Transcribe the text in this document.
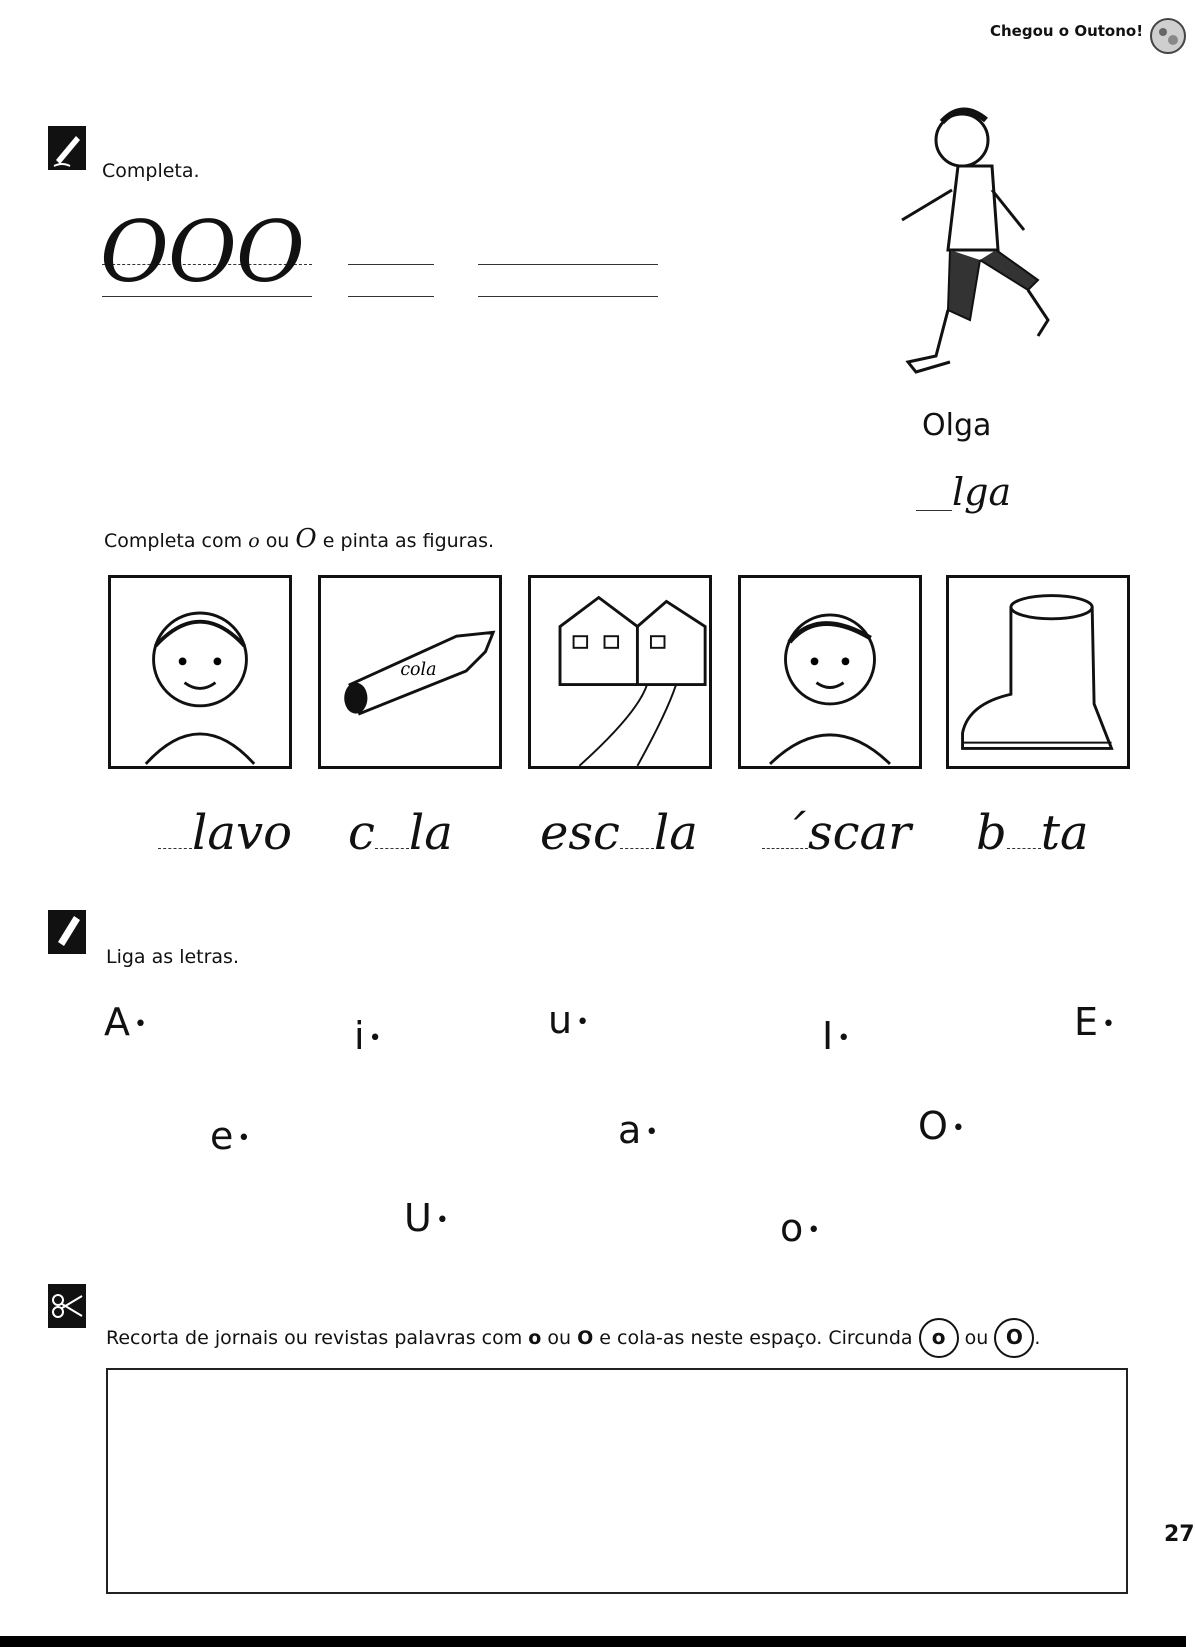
Chegou o Outono!
Completa.
O O O
Olga
lga
Completa com o ou O e pinta as figuras.
cola
lavo c la esc la	́scar b ta
Liga as letras.
A •	i •	u •	I •	E •
e •	a •	O •
U •	o •
Recorta de jornais ou revistas palavras com o ou O e cola-as neste espaço. Circunda o ou O .
27
